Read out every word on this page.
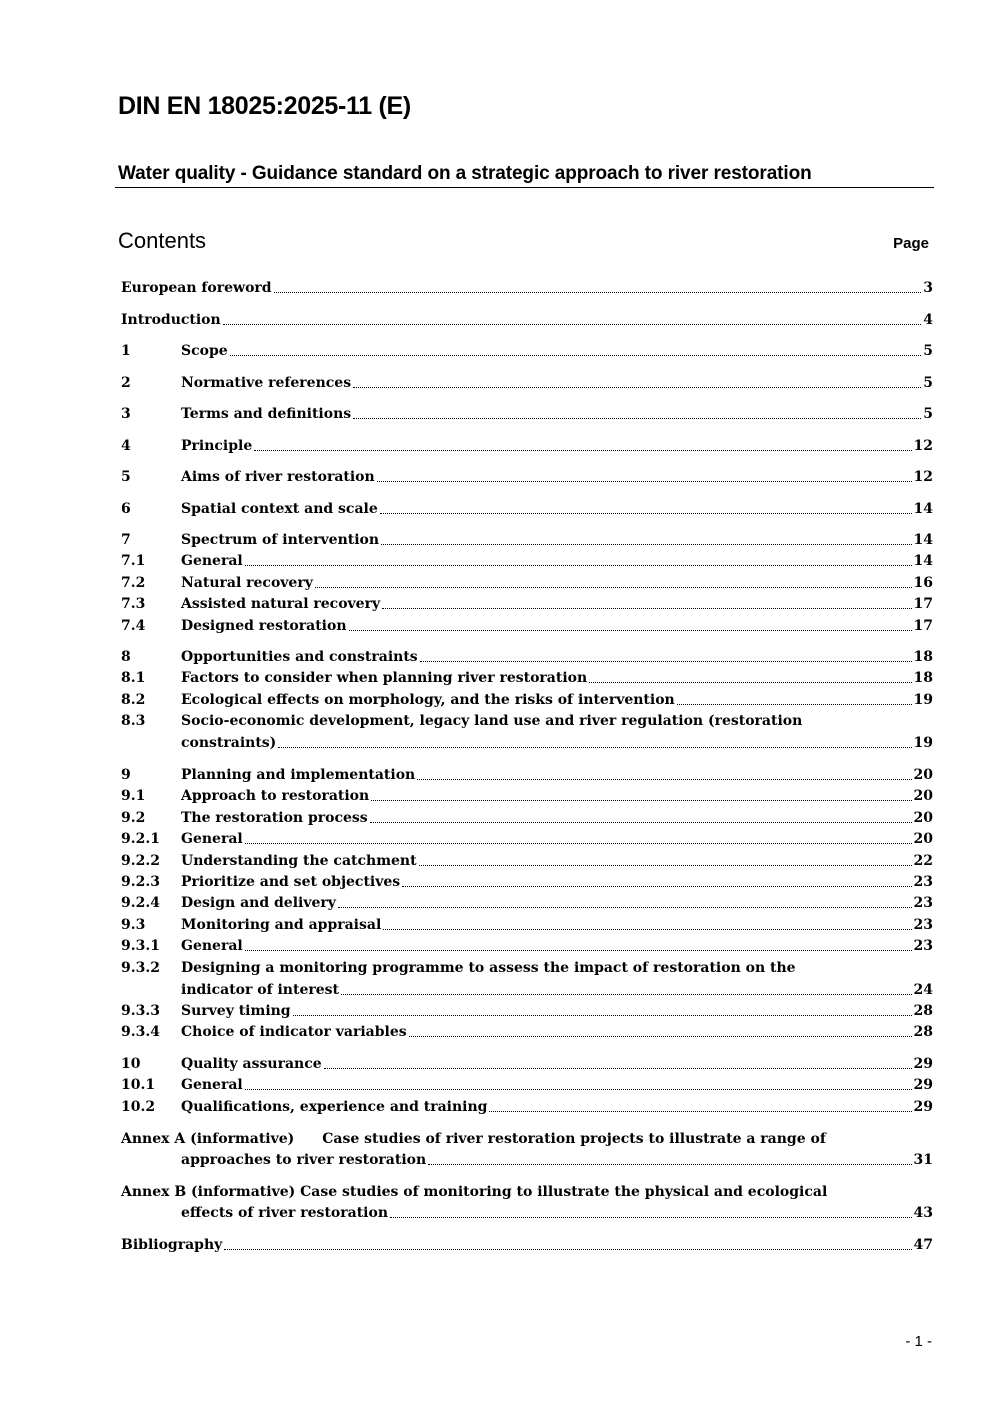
DIN EN 18025:2025-11 (E)
Water quality - Guidance standard on a strategic approach to river restoration
Contents	Page
European foreword	3
Introduction	4
1	Scope	5
2	Normative references	5
3	Terms and definitions	5
4	Principle	12
5	Aims of river restoration	12
6	Spatial context and scale	14
7	Spectrum of intervention	14
7.1	General	14
7.2	Natural recovery	16
7.3	Assisted natural recovery	17
7.4	Designed restoration	17
8	Opportunities and constraints	18
8.1	Factors to consider when planning river restoration	18
8.2	Ecological effects on morphology, and the risks of intervention	19
8.3	Socio-economic development, legacy land use and river regulation (restoration
constraints)	19
9	Planning and implementation	20
9.1	Approach to restoration	20
9.2	The restoration process	20
9.2.1	General	20
9.2.2	Understanding the catchment	22
9.2.3	Prioritize and set objectives	23
9.2.4	Design and delivery	23
9.3	Monitoring and appraisal	23
9.3.1	General	23
9.3.2 Designing a monitoring programme to assess the impact of restoration on the
indicator of interest	24
9.3.3	Survey timing	28
9.3.4	Choice of indicator variables	28
10	Quality assurance	29
10.1	General	29
10.2	Qualifications, experience and training	29
Annex A (informative) Case studies of river restoration projects to illustrate a range of
approaches to river restoration	31
Annex B (informative) Case studies of monitoring to illustrate the physical and ecological
effects of river restoration	43
Bibliography	47
- 1 -
